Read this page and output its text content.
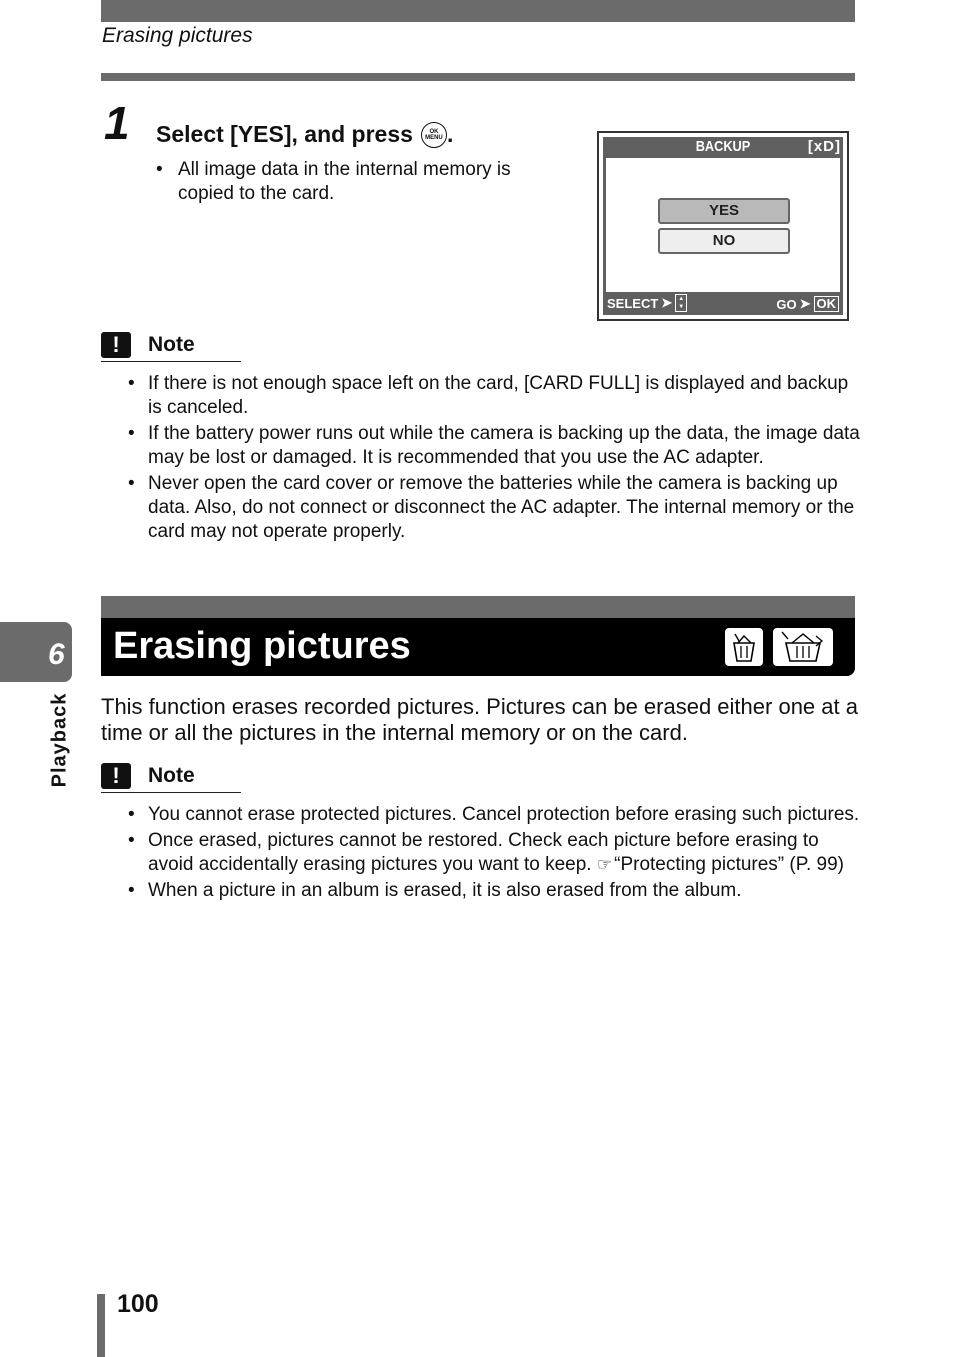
Erasing pictures
1 Select [YES], and press	OK
MENU .
• All image data in the internal memory is copied to the card.
BACKUP	[xD]
YES
NO
SELECT ➤ ▲
▼	GO ➤ OK
!	Note
• If there is not enough space left on the card, [CARD FULL] is displayed and backup is canceled.
• If the battery power runs out while the camera is backing up the data, the image data may be lost or damaged. It is recommended that you use the AC adapter.
• Never open the card cover or remove the batteries while the camera is backing up data. Also, do not connect or disconnect the AC adapter. The internal memory or the card may not operate properly.
Erasing pictures
This function erases recorded pictures. Pictures can be erased either one at a time or all the pictures in the internal memory or on the card.
!	Note
• You cannot erase protected pictures. Cancel protection before erasing such pictures.
• Once erased, pictures cannot be restored. Check each picture before erasing to avoid accidentally erasing pictures you want to keep. ☞ “Protecting pictures” (P. 99)
• When a picture in an album is erased, it is also erased from the album.
6
Playback
100
